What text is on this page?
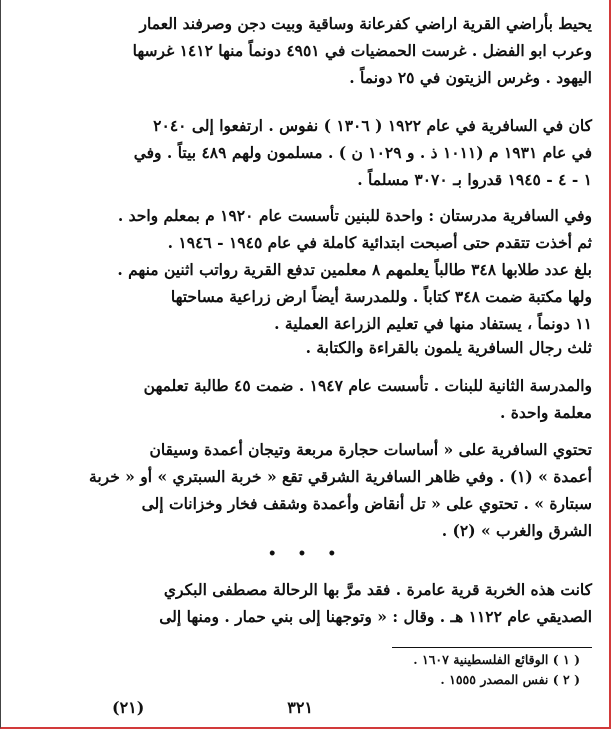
يحيط بأراضي القرية اراضي كفرعانة وساقية وبيت دجن وصرفند العمار
وعرب ابو الفضل . غرست الحمضيات في ٤٩٥١ دونماً منها ١٤١٢ غرسها
اليهود . وغرس الزيتون في ٢٥ دونماً .

كان في السافرية في عام ١٩٢٢ ( ١٣٠٦ ) نفوس . ارتفعوا إلى ٢٠٤٠
في عام ١٩٣١ م (١٠١١ ذ . و ١٠٢٩ ن ) . مسلمون ولهم ٤٨٩ بيتاً . وفي
١ - ٤ - ١٩٤٥ قدروا بـ ٣٠٧٠ مسلماً .

وفي السافرية مدرستان : واحدة للبنين تأسست عام ١٩٢٠ م بمعلم واحد .
ثم أخذت تتقدم حتى أصبحت ابتدائية كاملة في عام ١٩٤٥ - ١٩٤٦ .
بلغ عدد طلابها ٣٤٨ طالباً يعلمهم ٨ معلمين تدفع القرية رواتب اثنين منهم .
ولها مكتبة ضمت ٣٤٨ كتاباً . وللمدرسة أيضاً ارض زراعية مساحتها
١١ دونماً ، يستفاد منها في تعليم الزراعة العملية .

ثلث رجال السافرية يلمون بالقراءة والكتابة .

والمدرسة الثانية للبنات . تأسست عام ١٩٤٧ . ضمت ٤٥ طالبة تعلمهن
معلمة واحدة .

تحتوي السافرية على « أساسات حجارة مربعة وتيجان أعمدة وسيقان
أعمدة » (١) . وفي ظاهر السافرية الشرقي تقع « خربة السبتري » أو « خربة
سبتارة » . تحتوي على « تل أنقاض وأعمدة وشقف فخار وخزانات إلى
الشرق والغرب » (٢) .

• • •

كانت هذه الخربة قرية عامرة . فقد مرَّ بها الرحالة مصطفى البكري
الصديقي عام ١١٢٢ هـ . وقال : « وتوجهنا إلى بني حمار . ومنها إلى

( ١ ) الوقائع الفلسطينية ١٦٠٧ .
( ٢ ) نفس المصدر ١٥٥٥ .
٣٢١
(٢١)
